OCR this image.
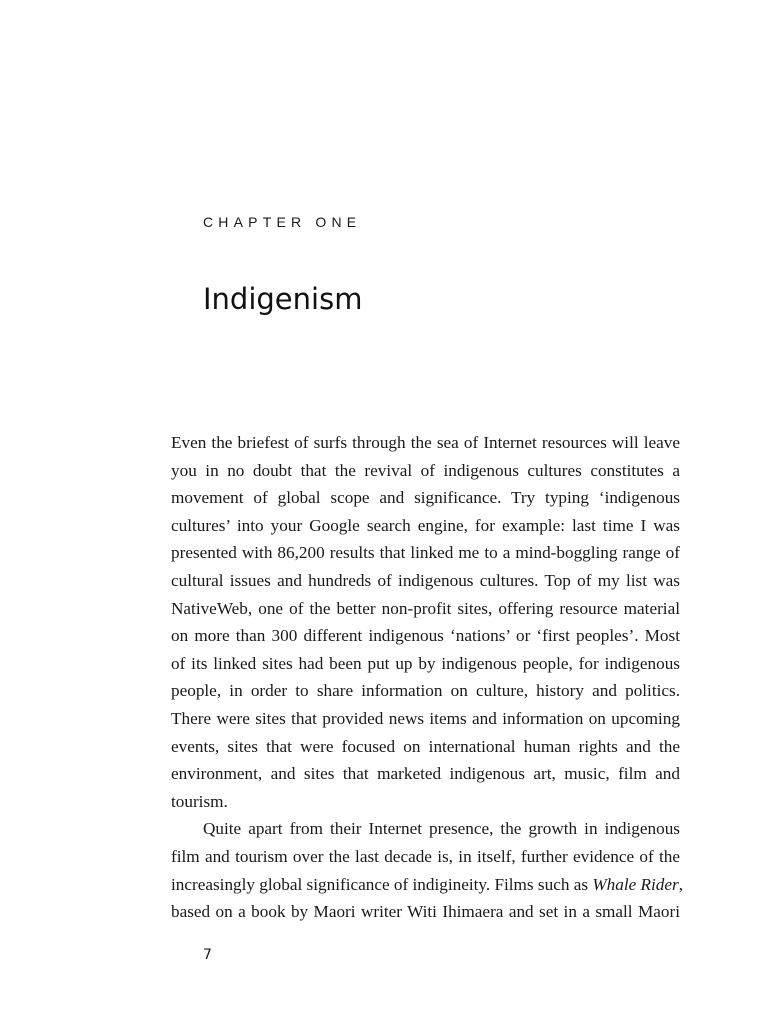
CHAPTER ONE
Indigenism
Even the briefest of surfs through the sea of Internet resources will leave
you in no doubt that the revival of indigenous cultures constitutes a
movement of global scope and significance. Try typing ‘indigenous
cultures’ into your Google search engine, for example: last time I was
presented with 86,200 results that linked me to a mind-boggling range of
cultural issues and hundreds of indigenous cultures. Top of my list was
NativeWeb, one of the better non-profit sites, offering resource material
on more than 300 different indigenous ‘nations’ or ‘first peoples’. Most
of its linked sites had been put up by indigenous people, for indigenous
people, in order to share information on culture, history and politics.
There were sites that provided news items and information on upcoming
events, sites that were focused on international human rights and the
environment, and sites that marketed indigenous art, music, film and
tourism.
Quite apart from their Internet presence, the growth in indigenous
film and tourism over the last decade is, in itself, further evidence of the
increasingly global significance of indigineity. Films such as Whale Rider,
based on a book by Maori writer Witi Ihimaera and set in a small Maori
7
